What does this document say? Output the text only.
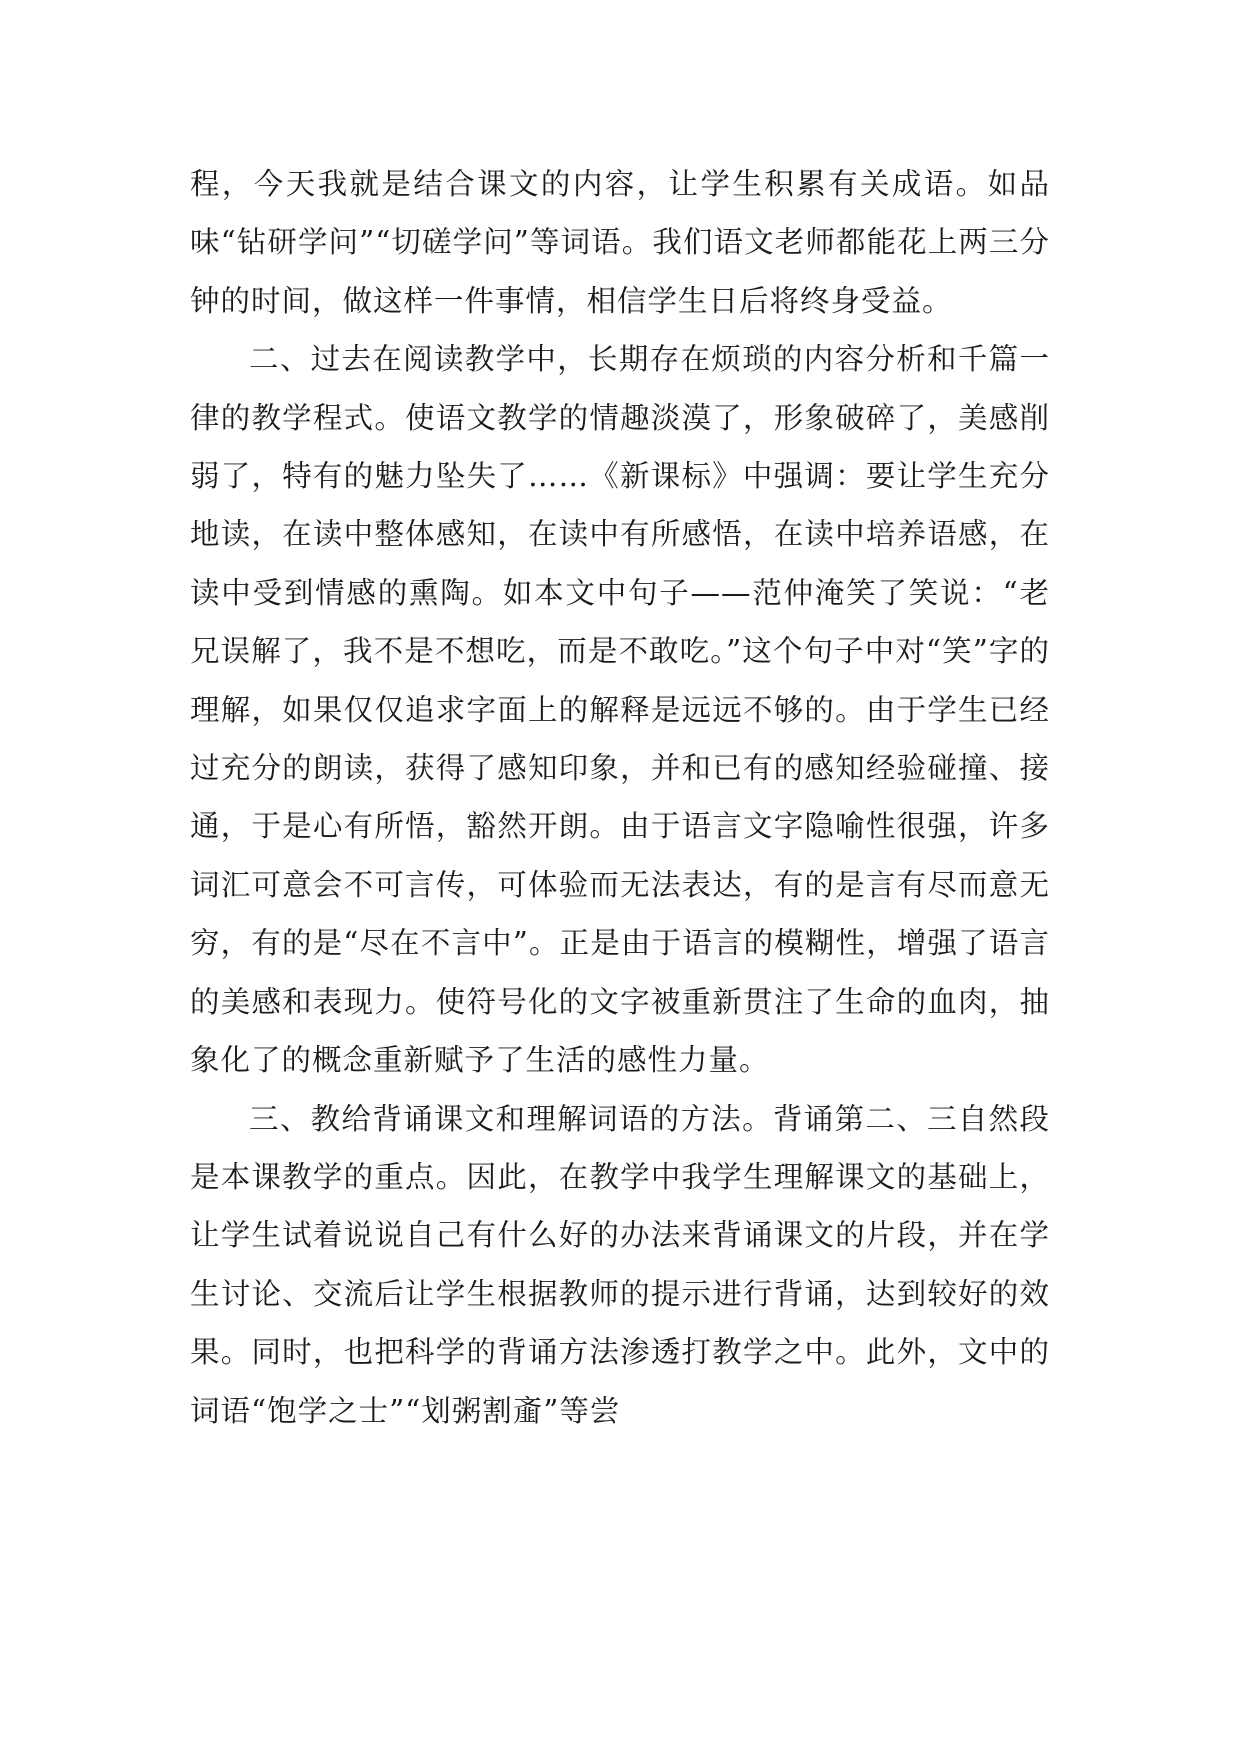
程，今天我就是结合课文的内容，让学生积累有关成语。如品味“钻研学问”“切磋学问”等词语。我们语文老师都能花上两三分钟的时间，做这样一件事情，相信学生日后将终身受益。

二、过去在阅读教学中，长期存在烦琐的内容分析和千篇一律的教学程式。使语文教学的情趣淡漠了，形象破碎了，美感削弱了，特有的魅力坠失了……《新课标》中强调：要让学生充分地读，在读中整体感知，在读中有所感悟，在读中培养语感，在读中受到情感的熏陶。如本文中句子——范仲淹笑了笑说：“老兄误解了，我不是不想吃，而是不敢吃。”这个句子中对“笑”字的理解，如果仅仅追求字面上的解释是远远不够的。由于学生已经过充分的朗读，获得了感知印象，并和已有的感知经验碰撞、接通，于是心有所悟，豁然开朗。由于语言文字隐喻性很强，许多词汇可意会不可言传，可体验而无法表达，有的是言有尽而意无穷，有的是“尽在不言中”。正是由于语言的模糊性，增强了语言的美感和表现力。使符号化的文字被重新贯注了生命的血肉，抽象化了的概念重新赋予了生活的感性力量。

三、教给背诵课文和理解词语的方法。背诵第二、三自然段是本课教学的重点。因此，在教学中我学生理解课文的基础上，让学生试着说说自己有什么好的办法来背诵课文的片段，并在学生讨论、交流后让学生根据教师的提示进行背诵，达到较好的效果。同时，也把科学的背诵方法渗透打教学之中。此外，文中的词语“饱学之士”“划粥割齑”等尝
